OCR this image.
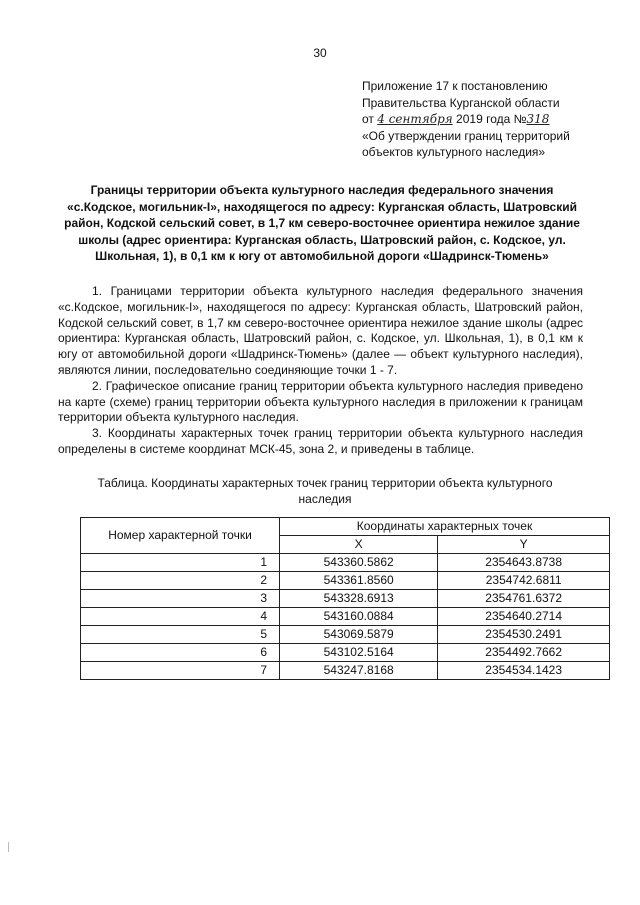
30
Приложение 17 к постановлению
Правительства Курганской области
от 4 сентября 2019 года №318
«Об утверждении границ территорий
объектов культурного наследия»
Границы территории объекта культурного наследия федерального значения «с.Кодское, могильник-I», находящегося по адресу: Курганская область, Шатровский район, Кодской сельский совет, в 1,7 км северо-восточнее ориентира нежилое здание школы (адрес ориентира: Курганская область, Шатровский район, с. Кодское, ул. Школьная, 1), в 0,1 км к югу от автомобильной дороги «Шадринск-Тюмень»

1. Границами территории объекта культурного наследия федерального значения «с.Кодское, могильник-I», находящегося по адресу: Курганская область, Шатровский район, Кодской сельский совет, в 1,7 км северо-восточнее ориентира нежилое здание школы (адрес ориентира: Курганская область, Шатровский район, с. Кодское, ул. Школьная, 1), в 0,1 км к югу от автомобильной дороги «Шадринск-Тюмень» (далее — объект культурного наследия), являются линии, последовательно соединяющие точки 1 - 7.

2. Графическое описание границ территории объекта культурного наследия приведено на карте (схеме) границ территории объекта культурного наследия в приложении к границам территории объекта культурного наследия.

3. Координаты характерных точек границ территории объекта культурного наследия определены в системе координат МСК-45, зона 2, и приведены в таблице.

Таблица. Координаты характерных точек границ территории объекта культурного наследия
Номер характерной точки	Координаты характерных точек	
	X	Y
1	543360.5862	2354643.8738
2	543361.8560	2354742.6811
3	543328.6913	2354761.6372
4	543160.0884	2354640.2714
5	543069.5879	2354530.2491
6	543102.5164	2354492.7662
7	543247.8168	2354534.1423
